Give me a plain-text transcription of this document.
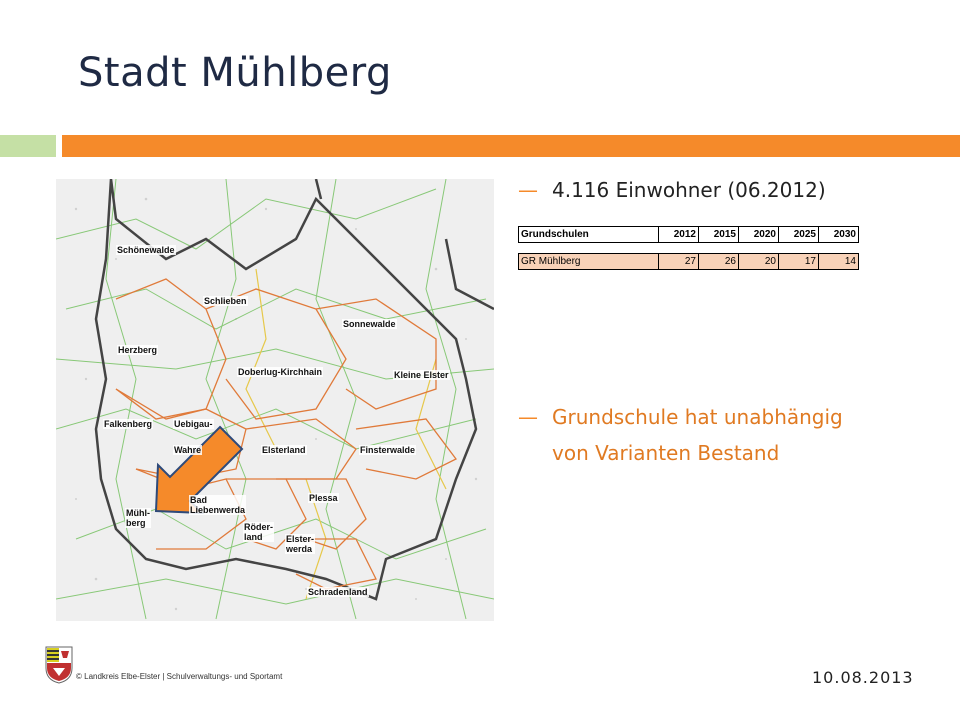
Stadt Mühlberg
Schönewalde
Schlieben
Sonnewalde
Herzberg
Doberlug-Kirchhain	Kleine Elster
Falkenberg Uebigau-
Wahre	Elsterland	Finsterwalde
Mühl-
berg
Bad
Liebenwerda
Plessa
Röder-
land	Elster-
werda
Schradenland
— 4.116 Einwohner (06.2012)
Grundschulen	2012	2015	2020	2025	2030

GR Mühlberg	27	26	20	17	14
— Grundschule hat unabhängig
von Varianten Bestand
© Landkreis Elbe-Elster | Schulverwaltungs- und Sportamt	10.08.2013
